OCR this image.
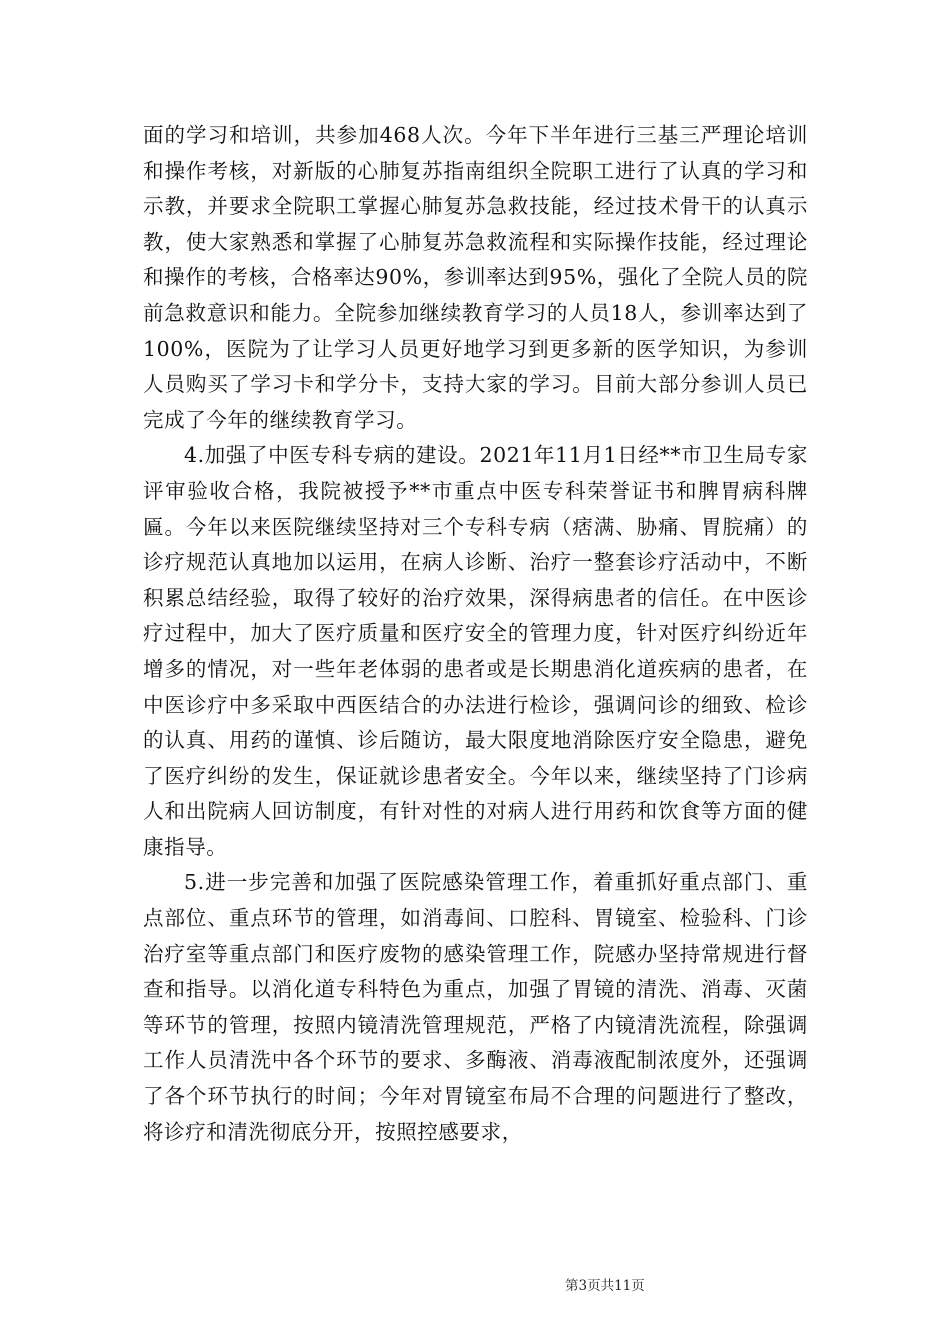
面的学习和培训，共参加468人次。今年下半年进行三基三严理论培训和操作考核，对新版的心肺复苏指南组织全院职工进行了认真的学习和示教，并要求全院职工掌握心肺复苏急救技能，经过技术骨干的认真示教，使大家熟悉和掌握了心肺复苏急救流程和实际操作技能，经过理论和操作的考核，合格率达90%，参训率达到95%，强化了全院人员的院前急救意识和能力。全院参加继续教育学习的人员18人，参训率达到了100%，医院为了让学习人员更好地学习到更多新的医学知识，为参训人员购买了学习卡和学分卡，支持大家的学习。目前大部分参训人员已完成了今年的继续教育学习。

4.加强了中医专科专病的建设。2021年11月1日经**市卫生局专家评审验收合格，我院被授予**市重点中医专科荣誉证书和脾胃病科牌匾。今年以来医院继续坚持对三个专科专病（痞满、胁痛、胃脘痛）的诊疗规范认真地加以运用，在病人诊断、治疗一整套诊疗活动中，不断积累总结经验，取得了较好的治疗效果，深得病患者的信任。在中医诊疗过程中，加大了医疗质量和医疗安全的管理力度，针对医疗纠纷近年增多的情况，对一些年老体弱的患者或是长期患消化道疾病的患者，在中医诊疗中多采取中西医结合的办法进行检诊，强调问诊的细致、检诊的认真、用药的谨慎、诊后随访，最大限度地消除医疗安全隐患，避免了医疗纠纷的发生，保证就诊患者安全。今年以来，继续坚持了门诊病人和出院病人回访制度，有针对性的对病人进行用药和饮食等方面的健康指导。

5.进一步完善和加强了医院感染管理工作，着重抓好重点部门、重点部位、重点环节的管理，如消毒间、口腔科、胃镜室、检验科、门诊治疗室等重点部门和医疗废物的感染管理工作，院感办坚持常规进行督查和指导。以消化道专科特色为重点，加强了胃镜的清洗、消毒、灭菌等环节的管理，按照内镜清洗管理规范，严格了内镜清洗流程，除强调工作人员清洗中各个环节的要求、多酶液、消毒液配制浓度外，还强调了各个环节执行的时间；今年对胃镜室布局不合理的问题进行了整改，将诊疗和清洗彻底分开，按照控感要求，

第3页共11页
